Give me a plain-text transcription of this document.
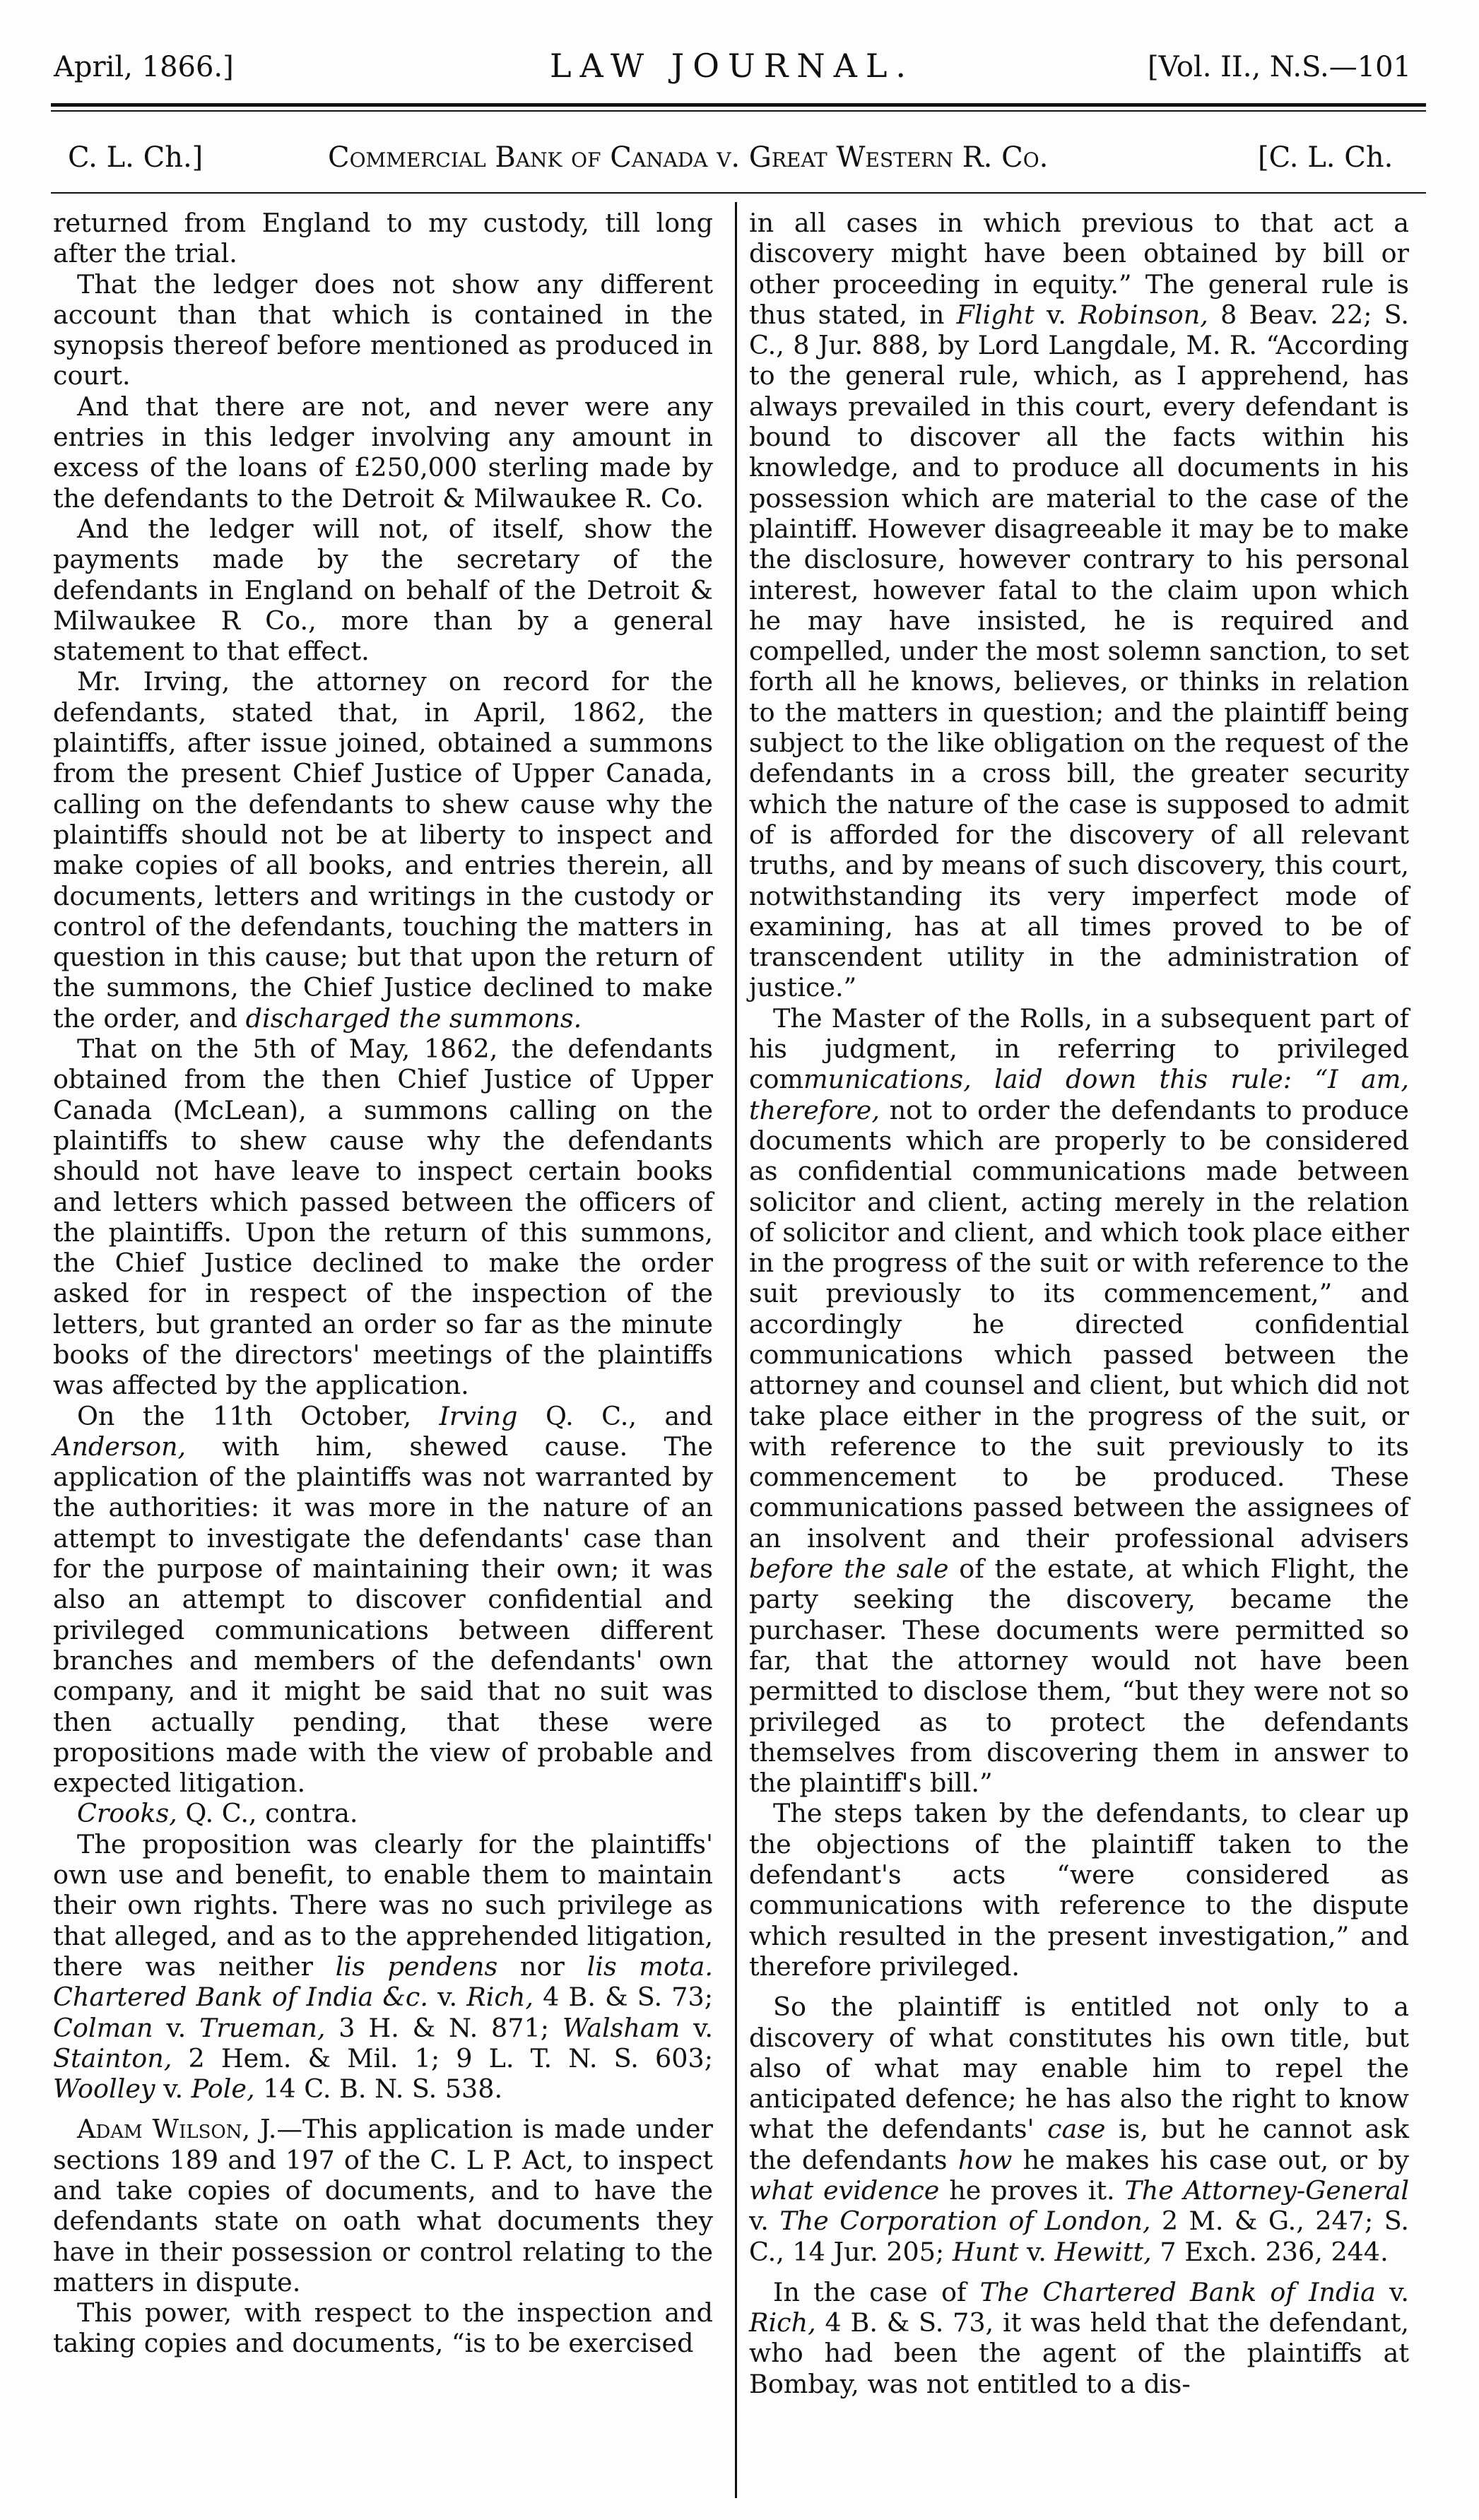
April, 1866.]	LAW JOURNAL.	[Vol. II., N.S.—101
C. L. Ch.]	Commercial Bank of Canada v. Great Western R. Co.	[C. L. Ch.

returned from England to my custody, till long after the trial.

That the ledger does not show any different account than that which is contained in the synopsis thereof before mentioned as produced in court.

And that there are not, and never were any entries in this ledger involving any amount in excess of the loans of £250,000 sterling made by the defendants to the Detroit & Milwaukee R. Co.

And the ledger will not, of itself, show the payments made by the secretary of the defendants in England on behalf of the Detroit & Milwaukee R Co., more than by a general statement to that effect.

Mr. Irving, the attorney on record for the defendants, stated that, in April, 1862, the plaintiffs, after issue joined, obtained a summons from the present Chief Justice of Upper Canada, calling on the defendants to shew cause why the plaintiffs should not be at liberty to inspect and make copies of all books, and entries therein, all documents, letters and writings in the custody or control of the defendants, touching the matters in question in this cause; but that upon the return of the summons, the Chief Justice declined to make the order, and discharged the summons.

That on the 5th of May, 1862, the defendants obtained from the then Chief Justice of Upper Canada (McLean), a summons calling on the plaintiffs to shew cause why the defendants should not have leave to inspect certain books and letters which passed between the officers of the plaintiffs. Upon the return of this summons, the Chief Justice declined to make the order asked for in respect of the inspection of the letters, but granted an order so far as the minute books of the directors' meetings of the plaintiffs was affected by the application.

On the 11th October, Irving Q. C., and Anderson, with him, shewed cause. The application of the plaintiffs was not warranted by the authorities: it was more in the nature of an attempt to investigate the defendants' case than for the purpose of maintaining their own; it was also an attempt to discover confidential and privileged communications between different branches and members of the defendants' own company, and it might be said that no suit was then actually pending, that these were propositions made with the view of probable and expected litigation.

Crooks, Q. C., contra.

The proposition was clearly for the plaintiffs' own use and benefit, to enable them to maintain their own rights. There was no such privilege as that alleged, and as to the apprehended litigation, there was neither lis pendens nor lis mota. Chartered Bank of India &c. v. Rich, 4 B. & S. 73; Colman v. Trueman, 3 H. & N. 871; Walsham v. Stainton, 2 Hem. & Mil. 1; 9 L. T. N. S. 603; Woolley v. Pole, 14 C. B. N. S. 538.

Adam Wilson, J.—This application is made under sections 189 and 197 of the C. L P. Act, to inspect and take copies of documents, and to have the defendants state on oath what documents they have in their possession or control relating to the matters in dispute.

This power, with respect to the inspection and taking copies and documents, “is to be exercised

in all cases in which previous to that act a discovery might have been obtained by bill or other proceeding in equity.” The general rule is thus stated, in Flight v. Robinson, 8 Beav. 22; S. C., 8 Jur. 888, by Lord Langdale, M. R. “According to the general rule, which, as I apprehend, has always prevailed in this court, every defendant is bound to discover all the facts within his knowledge, and to produce all documents in his possession which are material to the case of the plaintiff. However disagreeable it may be to make the disclosure, however contrary to his personal interest, however fatal to the claim upon which he may have insisted, he is required and compelled, under the most solemn sanction, to set forth all he knows, believes, or thinks in relation to the matters in question; and the plaintiff being subject to the like obligation on the request of the defendants in a cross bill, the greater security which the nature of the case is supposed to admit of is afforded for the discovery of all relevant truths, and by means of such discovery, this court, notwithstanding its very imperfect mode of examining, has at all times proved to be of transcendent utility in the administration of justice.”

The Master of the Rolls, in a subsequent part of his judgment, in referring to privileged communications, laid down this rule: “I am, therefore, not to order the defendants to produce documents which are properly to be considered as confidential communications made between solicitor and client, acting merely in the relation of solicitor and client, and which took place either in the progress of the suit or with reference to the suit previously to its commencement,” and accordingly he directed confidential communications which passed between the attorney and counsel and client, but which did not take place either in the progress of the suit, or with reference to the suit previously to its commencement to be produced. These communications passed between the assignees of an insolvent and their professional advisers before the sale of the estate, at which Flight, the party seeking the discovery, became the purchaser. These documents were permitted so far, that the attorney would not have been permitted to disclose them, “but they were not so privileged as to protect the defendants themselves from discovering them in answer to the plaintiff's bill.”

The steps taken by the defendants, to clear up the objections of the plaintiff taken to the defendant's acts “were considered as communications with reference to the dispute which resulted in the present investigation,” and therefore privileged.

So the plaintiff is entitled not only to a discovery of what constitutes his own title, but also of what may enable him to repel the anticipated defence; he has also the right to know what the defendants' case is, but he cannot ask the defendants how he makes his case out, or by what evidence he proves it. The Attorney-General v. The Corporation of London, 2 M. & G., 247; S. C., 14 Jur. 205; Hunt v. Hewitt, 7 Exch. 236, 244.

In the case of The Chartered Bank of India v. Rich, 4 B. & S. 73, it was held that the defendant, who had been the agent of the plaintiffs at Bombay, was not entitled to a dis-
